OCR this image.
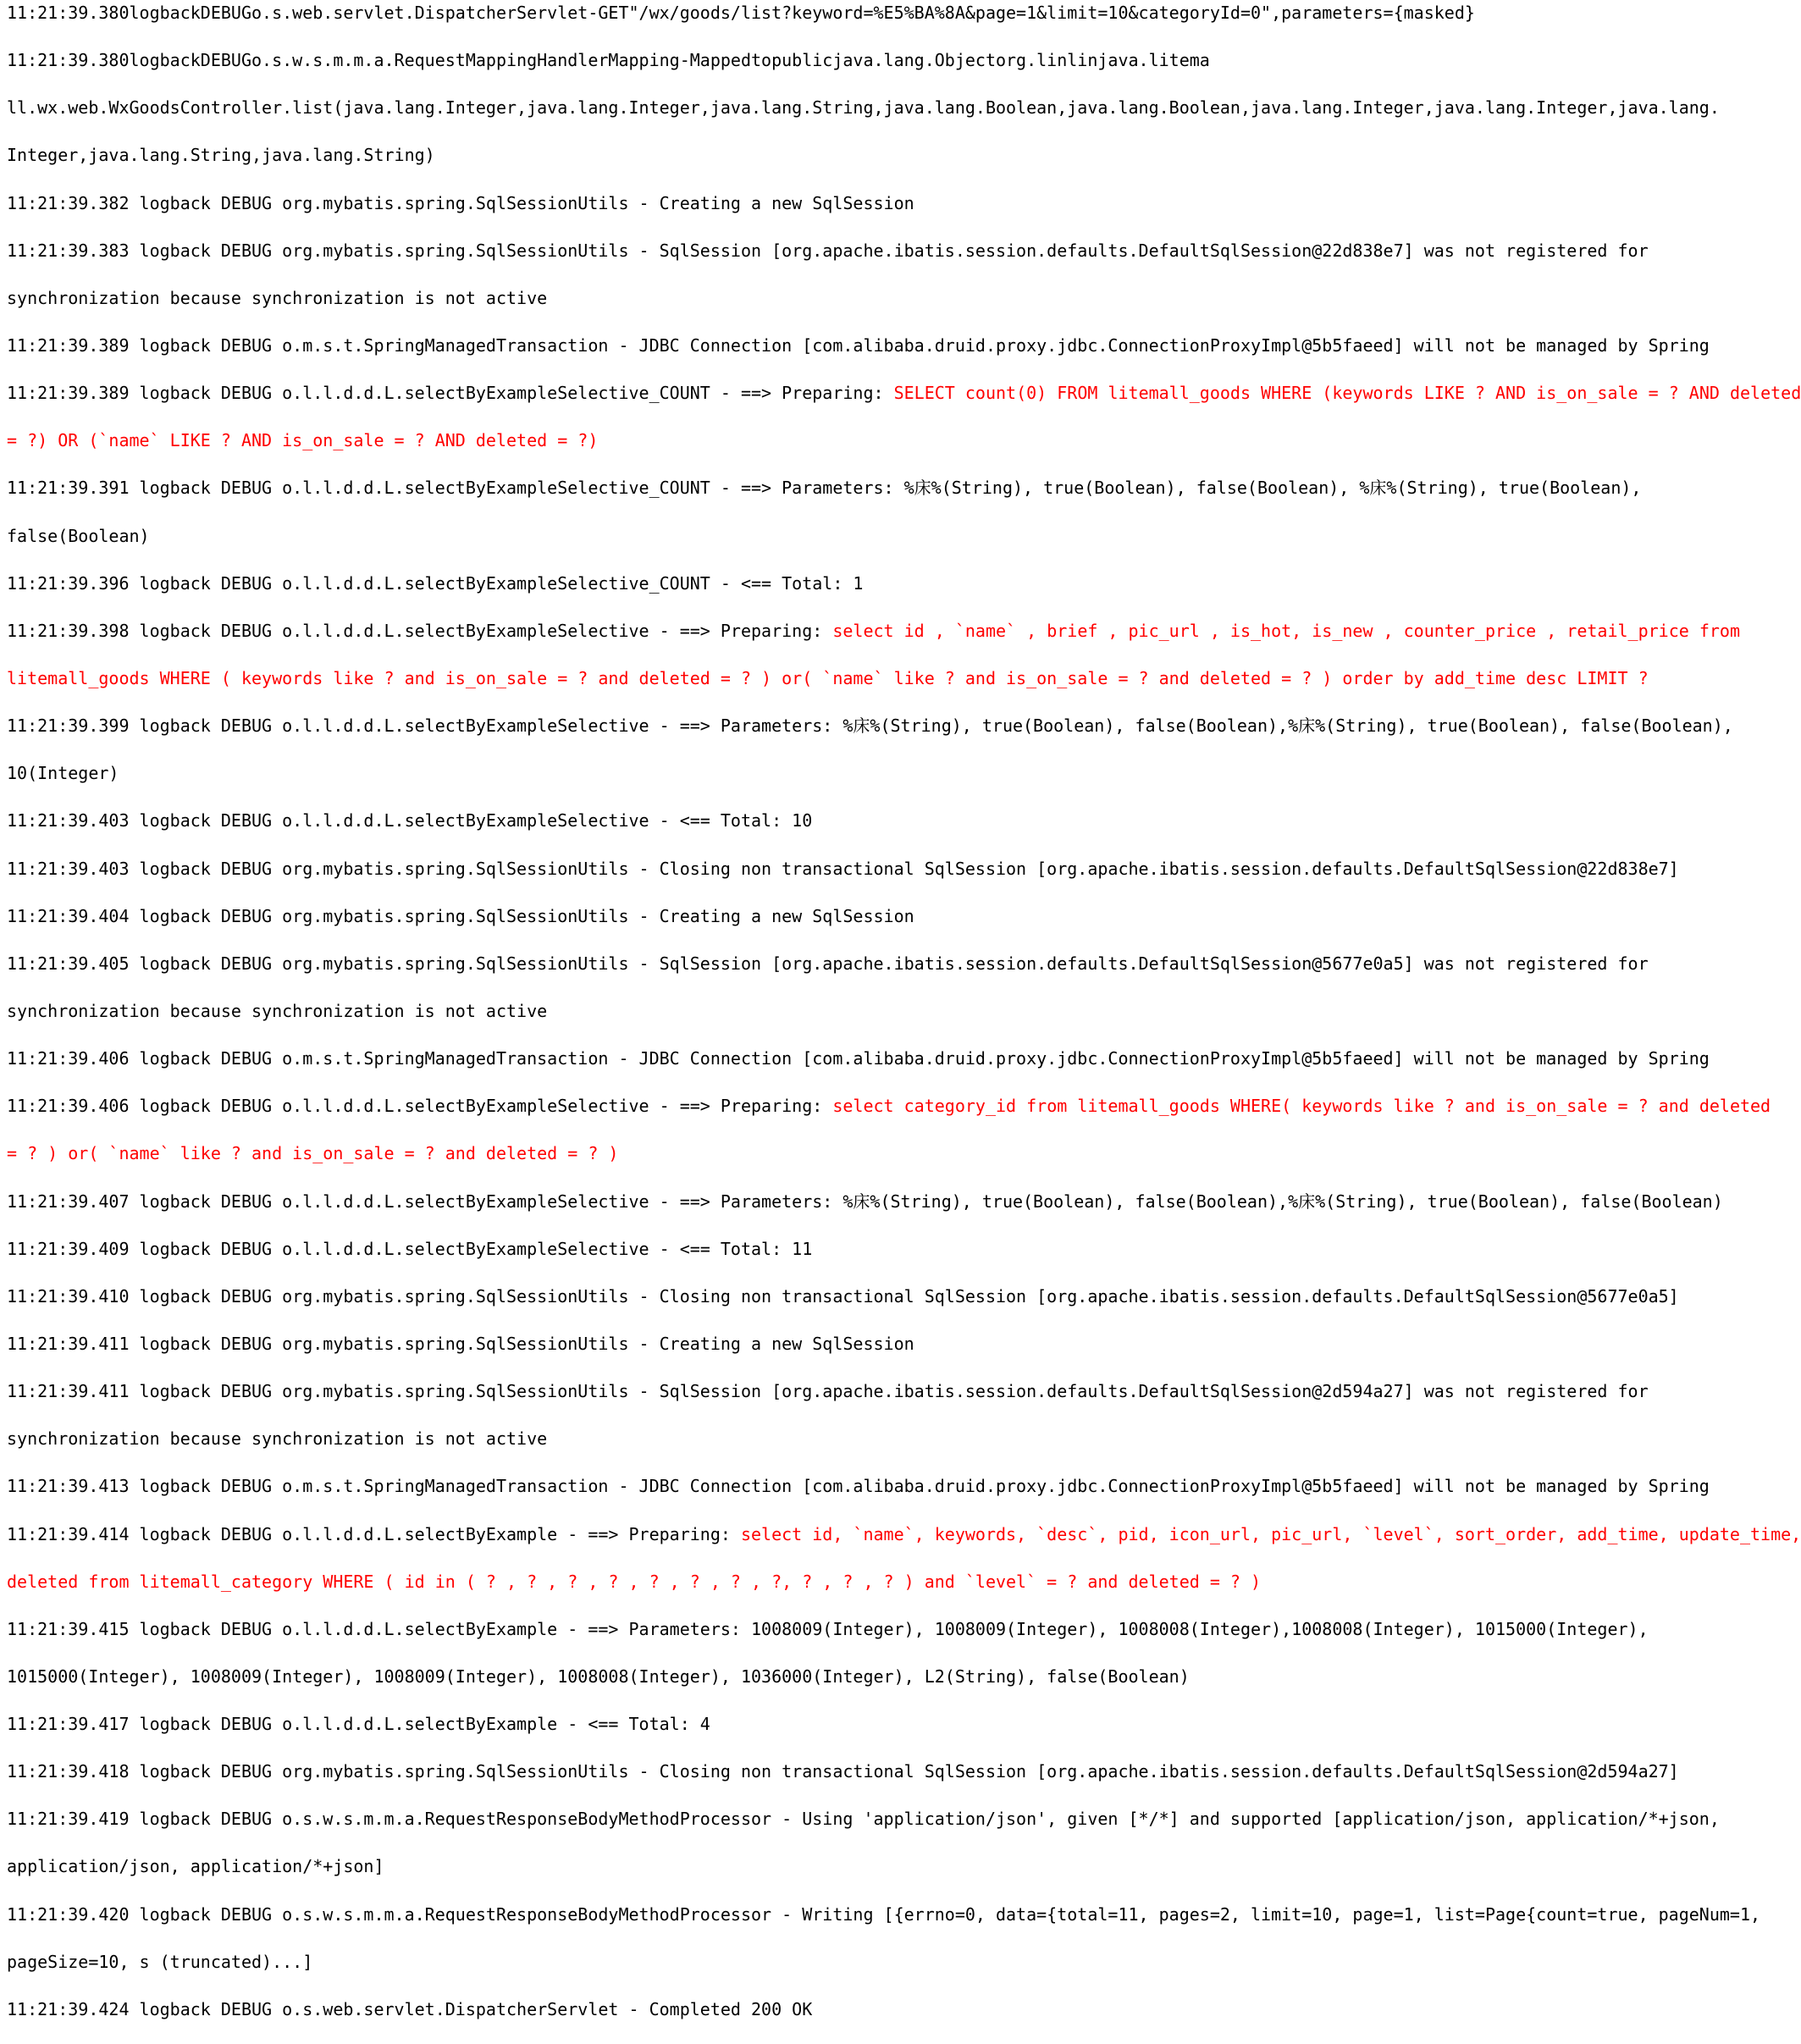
11:21:39.380logbackDEBUGo.s.web.servlet.DispatcherServlet-GET"/wx/goods/list?keyword=%E5%BA%8A&page=1&limit=10&categoryId=0",parameters={masked}
11:21:39.380logbackDEBUGo.s.w.s.m.m.a.RequestMappingHandlerMapping-Mappedtopublicjava.lang.Objectorg.linlinjava.litema
ll.wx.web.WxGoodsController.list(java.lang.Integer,java.lang.Integer,java.lang.String,java.lang.Boolean,java.lang.Boolean,java.lang.Integer,java.lang.Integer,java.lang.
Integer,java.lang.String,java.lang.String)
11:21:39.382 logback DEBUG org.mybatis.spring.SqlSessionUtils - Creating a new SqlSession
11:21:39.383 logback DEBUG org.mybatis.spring.SqlSessionUtils - SqlSession [org.apache.ibatis.session.defaults.DefaultSqlSession@22d838e7] was not registered for
synchronization because synchronization is not active
11:21:39.389 logback DEBUG o.m.s.t.SpringManagedTransaction - JDBC Connection [com.alibaba.druid.proxy.jdbc.ConnectionProxyImpl@5b5faeed] will not be managed by Spring
11:21:39.389 logback DEBUG o.l.l.d.d.L.selectByExampleSelective_COUNT - ==> Preparing: SELECT count(0) FROM litemall_goods WHERE (keywords LIKE ? AND is_on_sale = ? AND deleted
= ?) OR (`name` LIKE ? AND is_on_sale = ? AND deleted = ?)
11:21:39.391 logback DEBUG o.l.l.d.d.L.selectByExampleSelective_COUNT - ==> Parameters: %床%(String), true(Boolean), false(Boolean), %床%(String), true(Boolean),
false(Boolean)
11:21:39.396 logback DEBUG o.l.l.d.d.L.selectByExampleSelective_COUNT - <== Total: 1
11:21:39.398 logback DEBUG o.l.l.d.d.L.selectByExampleSelective - ==> Preparing: select id , `name` , brief , pic_url , is_hot, is_new , counter_price , retail_price from
litemall_goods WHERE ( keywords like ? and is_on_sale = ? and deleted = ? ) or( `name` like ? and is_on_sale = ? and deleted = ? ) order by add_time desc LIMIT ?
11:21:39.399 logback DEBUG o.l.l.d.d.L.selectByExampleSelective - ==> Parameters: %床%(String), true(Boolean), false(Boolean),%床%(String), true(Boolean), false(Boolean),
10(Integer)
11:21:39.403 logback DEBUG o.l.l.d.d.L.selectByExampleSelective - <== Total: 10
11:21:39.403 logback DEBUG org.mybatis.spring.SqlSessionUtils - Closing non transactional SqlSession [org.apache.ibatis.session.defaults.DefaultSqlSession@22d838e7]
11:21:39.404 logback DEBUG org.mybatis.spring.SqlSessionUtils - Creating a new SqlSession
11:21:39.405 logback DEBUG org.mybatis.spring.SqlSessionUtils - SqlSession [org.apache.ibatis.session.defaults.DefaultSqlSession@5677e0a5] was not registered for
synchronization because synchronization is not active
11:21:39.406 logback DEBUG o.m.s.t.SpringManagedTransaction - JDBC Connection [com.alibaba.druid.proxy.jdbc.ConnectionProxyImpl@5b5faeed] will not be managed by Spring
11:21:39.406 logback DEBUG o.l.l.d.d.L.selectByExampleSelective - ==> Preparing: select category_id from litemall_goods WHERE( keywords like ? and is_on_sale = ? and deleted
= ? ) or( `name` like ? and is_on_sale = ? and deleted = ? )
11:21:39.407 logback DEBUG o.l.l.d.d.L.selectByExampleSelective - ==> Parameters: %床%(String), true(Boolean), false(Boolean),%床%(String), true(Boolean), false(Boolean)
11:21:39.409 logback DEBUG o.l.l.d.d.L.selectByExampleSelective - <== Total: 11
11:21:39.410 logback DEBUG org.mybatis.spring.SqlSessionUtils - Closing non transactional SqlSession [org.apache.ibatis.session.defaults.DefaultSqlSession@5677e0a5]
11:21:39.411 logback DEBUG org.mybatis.spring.SqlSessionUtils - Creating a new SqlSession
11:21:39.411 logback DEBUG org.mybatis.spring.SqlSessionUtils - SqlSession [org.apache.ibatis.session.defaults.DefaultSqlSession@2d594a27] was not registered for
synchronization because synchronization is not active
11:21:39.413 logback DEBUG o.m.s.t.SpringManagedTransaction - JDBC Connection [com.alibaba.druid.proxy.jdbc.ConnectionProxyImpl@5b5faeed] will not be managed by Spring
11:21:39.414 logback DEBUG o.l.l.d.d.L.selectByExample - ==> Preparing: select id, `name`, keywords, `desc`, pid, icon_url, pic_url, `level`, sort_order, add_time, update_time,
deleted from litemall_category WHERE ( id in ( ? , ? , ? , ? , ? , ? , ? , ?, ? , ? , ? ) and `level` = ? and deleted = ? )
11:21:39.415 logback DEBUG o.l.l.d.d.L.selectByExample - ==> Parameters: 1008009(Integer), 1008009(Integer), 1008008(Integer),1008008(Integer), 1015000(Integer),
1015000(Integer), 1008009(Integer), 1008009(Integer), 1008008(Integer), 1036000(Integer), L2(String), false(Boolean)
11:21:39.417 logback DEBUG o.l.l.d.d.L.selectByExample - <== Total: 4
11:21:39.418 logback DEBUG org.mybatis.spring.SqlSessionUtils - Closing non transactional SqlSession [org.apache.ibatis.session.defaults.DefaultSqlSession@2d594a27]
11:21:39.419 logback DEBUG o.s.w.s.m.m.a.RequestResponseBodyMethodProcessor - Using 'application/json', given [*/*] and supported [application/json, application/*+json,
application/json, application/*+json]
11:21:39.420 logback DEBUG o.s.w.s.m.m.a.RequestResponseBodyMethodProcessor - Writing [{errno=0, data={total=11, pages=2, limit=10, page=1, list=Page{count=true, pageNum=1,
pageSize=10, s (truncated)...]
11:21:39.424 logback DEBUG o.s.web.servlet.DispatcherServlet - Completed 200 OK
